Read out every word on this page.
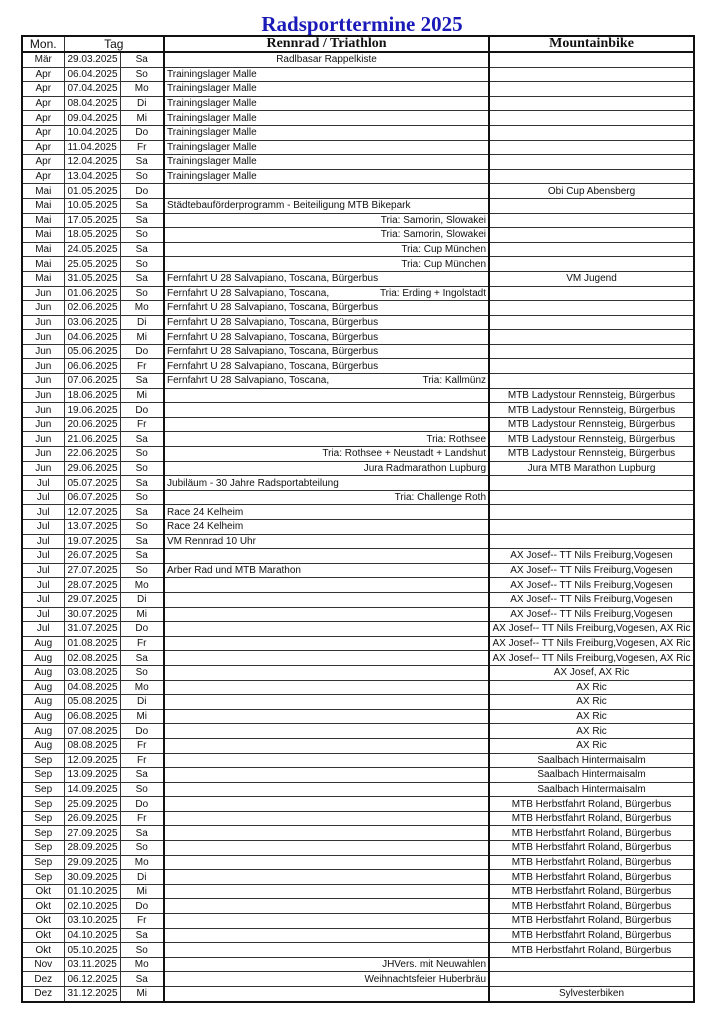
Radsporttermine 2025
Mon.	Tag		Rennrad / Triathlon	Mountainbike
Mär	29.03.2025	Sa	Radlbasar Rappelkiste	
Apr	06.04.2025	So	Trainingslager Malle	
Apr	07.04.2025	Mo	Trainingslager Malle	
Apr	08.04.2025	Di	Trainingslager Malle	
Apr	09.04.2025	Mi	Trainingslager Malle	
Apr	10.04.2025	Do	Trainingslager Malle	
Apr	11.04.2025	Fr	Trainingslager Malle	
Apr	12.04.2025	Sa	Trainingslager Malle	
Apr	13.04.2025	So	Trainingslager Malle	
Mai	01.05.2025	Do		Obi Cup Abensberg
Mai	10.05.2025	Sa	Städtebauförderprogramm - Beiteiligung MTB Bikepark	
Mai	17.05.2025	Sa	Tria: Samorin, Slowakei	
Mai	18.05.2025	So	Tria: Samorin, Slowakei	
Mai	24.05.2025	Sa	Tria: Cup München	
Mai	25.05.2025	So	Tria: Cup München	
Mai	31.05.2025	Sa	Fernfahrt U 28 Salvapiano, Toscana, Bürgerbus	VM Jugend
Jun	01.06.2025	So	Fernfahrt U 28 Salvapiano, Toscana, Tria: Erding + Ingolstadt	

Jun	02.06.2025	Mo	Fernfahrt U 28 Salvapiano, Toscana, Bürgerbus	
Jun	03.06.2025	Di	Fernfahrt U 28 Salvapiano, Toscana, Bürgerbus	
Jun	04.06.2025	Mi	Fernfahrt U 28 Salvapiano, Toscana, Bürgerbus	
Jun	05.06.2025	Do	Fernfahrt U 28 Salvapiano, Toscana, Bürgerbus	
Jun	06.06.2025	Fr	Fernfahrt U 28 Salvapiano, Toscana, Bürgerbus	
Jun	07.06.2025	Sa	Fernfahrt U 28 Salvapiano, Toscana, Tria: Kallmünz	

Jun	18.06.2025	Mi		MTB Ladystour Rennsteig, Bürgerbus
Jun	19.06.2025	Do		MTB Ladystour Rennsteig, Bürgerbus
Jun	20.06.2025	Fr		MTB Ladystour Rennsteig, Bürgerbus
Jun	21.06.2025	Sa	Tria: Rothsee	MTB Ladystour Rennsteig, Bürgerbus
Jun	22.06.2025	So	Tria: Rothsee + Neustadt + Landshut	MTB Ladystour Rennsteig, Bürgerbus
Jun	29.06.2025	So	Jura Radmarathon Lupburg	Jura MTB Marathon Lupburg
Jul	05.07.2025	Sa	Jubiläum - 30 Jahre Radsportabteilung	
Jul	06.07.2025	So	Tria: Challenge Roth	
Jul	12.07.2025	Sa	Race 24 Kelheim	
Jul	13.07.2025	So	Race 24 Kelheim	
Jul	19.07.2025	Sa	VM Rennrad 10 Uhr	
Jul	26.07.2025	Sa		AX Josef-- TT Nils Freiburg,Vogesen
Jul	27.07.2025	So	Arber Rad und MTB Marathon	AX Josef-- TT Nils Freiburg,Vogesen
Jul	28.07.2025	Mo		AX Josef-- TT Nils Freiburg,Vogesen
Jul	29.07.2025	Di		AX Josef-- TT Nils Freiburg,Vogesen
Jul	30.07.2025	Mi		AX Josef-- TT Nils Freiburg,Vogesen
Jul	31.07.2025	Do		AX Josef-- TT Nils Freiburg,Vogesen, AX Ric
Aug	01.08.2025	Fr		AX Josef-- TT Nils Freiburg,Vogesen, AX Ric
Aug	02.08.2025	Sa		AX Josef-- TT Nils Freiburg,Vogesen, AX Ric
Aug	03.08.2025	So		AX Josef, AX Ric
Aug	04.08.2025	Mo		AX Ric
Aug	05.08.2025	Di		AX Ric
Aug	06.08.2025	Mi		AX Ric
Aug	07.08.2025	Do		AX Ric
Aug	08.08.2025	Fr		AX Ric
Sep	12.09.2025	Fr		Saalbach Hintermaisalm
Sep	13.09.2025	Sa		Saalbach Hintermaisalm
Sep	14.09.2025	So		Saalbach Hintermaisalm
Sep	25.09.2025	Do		MTB Herbstfahrt Roland, Bürgerbus
Sep	26.09.2025	Fr		MTB Herbstfahrt Roland, Bürgerbus
Sep	27.09.2025	Sa		MTB Herbstfahrt Roland, Bürgerbus
Sep	28.09.2025	So		MTB Herbstfahrt Roland, Bürgerbus
Sep	29.09.2025	Mo		MTB Herbstfahrt Roland, Bürgerbus
Sep	30.09.2025	Di		MTB Herbstfahrt Roland, Bürgerbus
Okt	01.10.2025	Mi		MTB Herbstfahrt Roland, Bürgerbus
Okt	02.10.2025	Do		MTB Herbstfahrt Roland, Bürgerbus
Okt	03.10.2025	Fr		MTB Herbstfahrt Roland, Bürgerbus
Okt	04.10.2025	Sa		MTB Herbstfahrt Roland, Bürgerbus
Okt	05.10.2025	So		MTB Herbstfahrt Roland, Bürgerbus
Nov	03.11.2025	Mo	JHVers. mit Neuwahlen	
Dez	06.12.2025	Sa	Weihnachtsfeier Huberbräu	
Dez	31.12.2025	Mi		Sylvesterbiken
